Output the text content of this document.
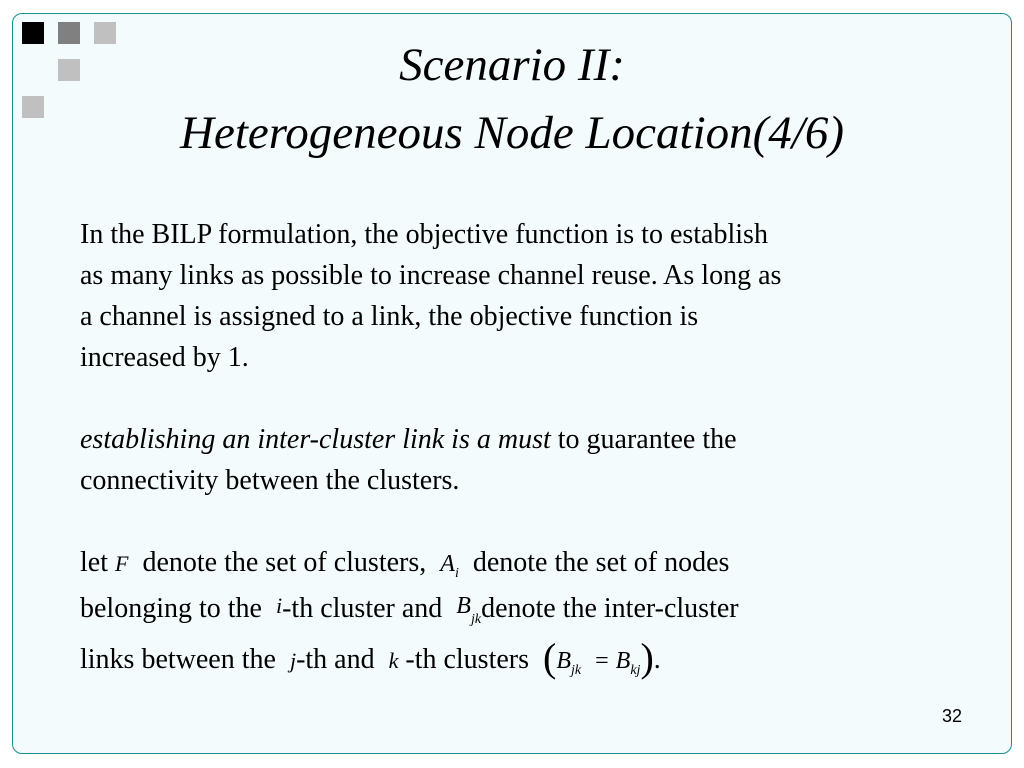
Scenario II:
Heterogeneous Node Location(4/6)
In the BILP formulation, the objective function is to establish
as many links as possible to increase channel reuse. As long as
a channel is assigned to a link, the objective function is
increased by 1.
establishing an inter-cluster link is a must to guarantee the
connectivity between the clusters.
let F denote the set of clusters, $A_i$ denote the set of nodes
belonging to the i-th cluster and $B_{jk}denote$ the inter-cluster
links between the j-th and k -th clusters $(B_{jk} = B_{kj})$.
32
